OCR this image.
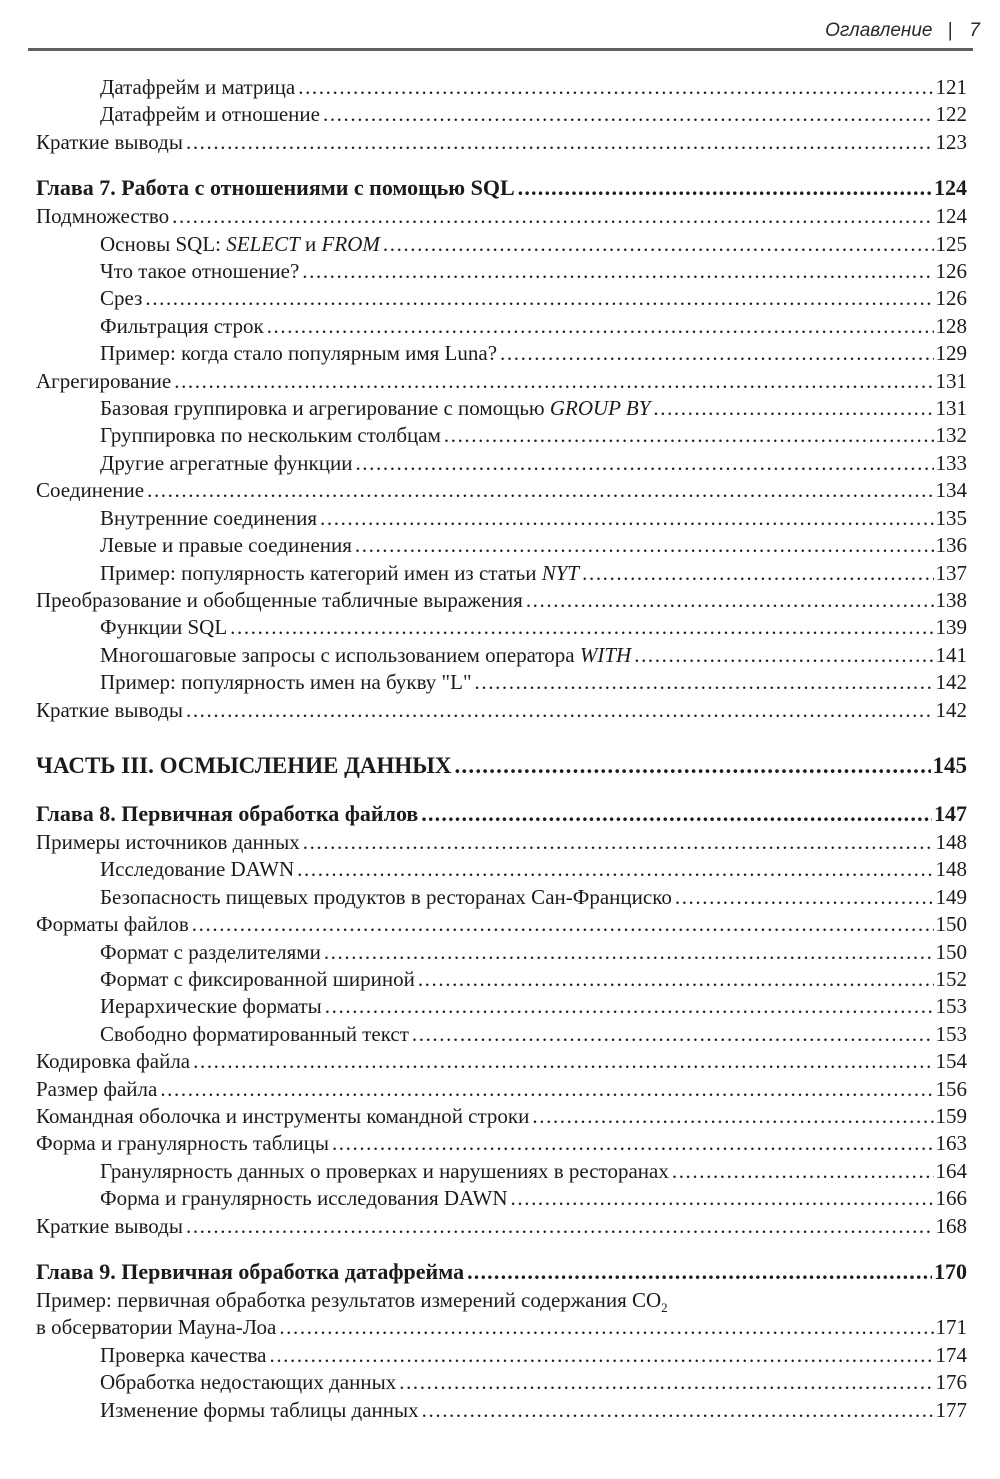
Оглавление | 7
Датафрейм и матрица .....	121
Датафрейм и отношение .....	122
Краткие выводы .....	123
Глава 7. Работа с отношениями с помощью SQL .....	124
Подмножество .....	124
Основы SQL: SELECT и FROM .....	125
Что такое отношение? .....	126
Срез .....	126
Фильтрация строк .....	128
Пример: когда стало популярным имя Luna? .....	129
Агрегирование .....	131
Базовая группировка и агрегирование с помощью GROUP BY .....	131
Группировка по нескольким столбцам .....	132
Другие агрегатные функции .....	133
Соединение .....	134
Внутренние соединения .....	135
Левые и правые соединения .....	136
Пример: популярность категорий имен из статьи NYT .....	137
Преобразование и обобщенные табличные выражения .....	138
Функции SQL .....	139
Многошаговые запросы с использованием оператора WITH .....	141
Пример: популярность имен на букву "L" .....	142
Краткие выводы .....	142
ЧАСТЬ III. ОСМЫСЛЕНИЕ ДАННЫХ .....	145
Глава 8. Первичная обработка файлов .....	147
Примеры источников данных .....	148
Исследование DAWN .....	148
Безопасность пищевых продуктов в ресторанах Сан-Франциско .....	149
Форматы файлов .....	150
Формат с разделителями .....	150
Формат с фиксированной шириной .....	152
Иерархические форматы .....	153
Свободно форматированный текст .....	153
Кодировка файла .....	154
Размер файла .....	156
Командная оболочка и инструменты командной строки .....	159
Форма и гранулярность таблицы .....	163
Гранулярность данных о проверках и нарушениях в ресторанах .....	164
Форма и гранулярность исследования DAWN .....	166
Краткие выводы .....	168
Глава 9. Первичная обработка датафрейма .....	170
Пример: первичная обработка результатов измерений содержания $CO_2$
в обсерватории Мауна-Лоа .....	171
Проверка качества .....	174
Обработка недостающих данных .....	176
Изменение формы таблицы данных .....	177
